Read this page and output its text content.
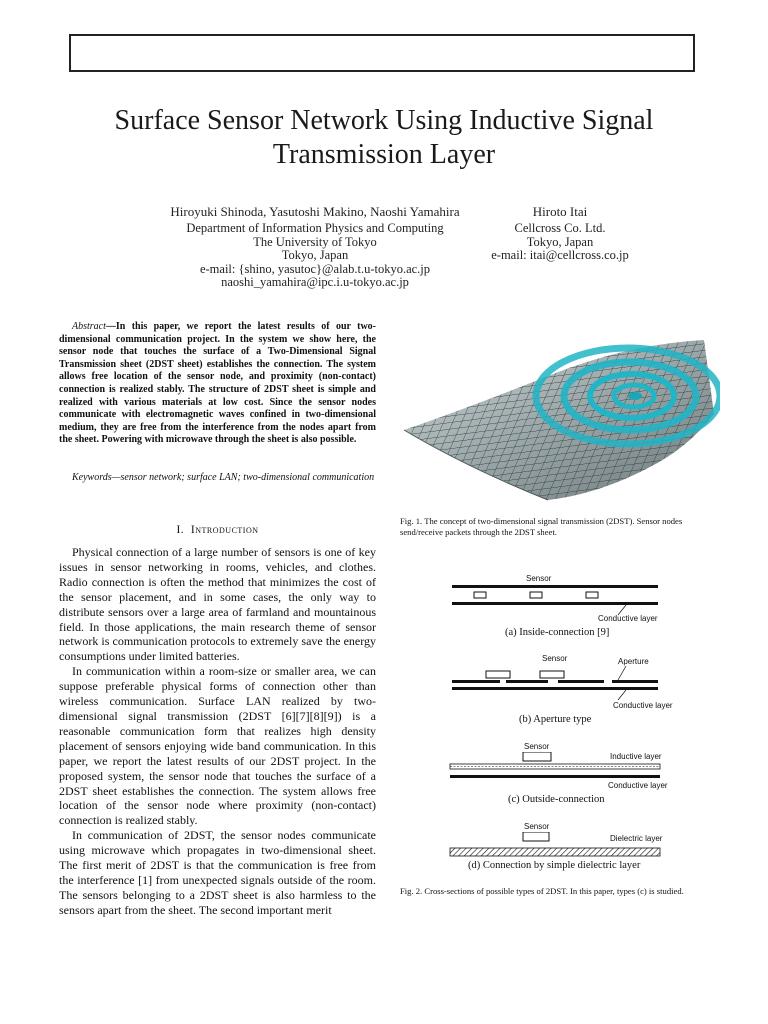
Surface Sensor Network Using Inductive Signal
Transmission Layer
Hiroyuki Shinoda, Yasutoshi Makino, Naoshi Yamahira
Department of Information Physics and Computing
The University of Tokyo
Tokyo, Japan
e-mail: {shino, yasutoc}@alab.t.u-tokyo.ac.jp
naoshi_yamahira@ipc.i.u-tokyo.ac.jp
Hiroto Itai
Cellcross Co. Ltd.
Tokyo, Japan
e-mail: itai@cellcross.co.jp
Abstract—In this paper, we report the latest results of our two-dimensional communication project. In the system we show here, the sensor node that touches the surface of a Two-Dimensional Signal Transmission sheet (2DST sheet) establishes the connection. The system allows free location of the sensor node, and proximity (non-contact) connection is realized stably. The structure of 2DST sheet is simple and realized with various materials at low cost. Since the sensor nodes communicate with electromagnetic waves confined in two-dimensional medium, they are free from the interference from the nodes apart from the sheet. Powering with microwave through the sheet is also possible.
Keywords—sensor network; surface LAN; two-dimensional communication
I. Introduction

Physical connection of a large number of sensors is one of key issues in sensor networking in rooms, vehicles, and clothes. Radio connection is often the method that minimizes the cost of the sensor placement, and in some cases, the only way to distribute sensors over a large area of farmland and mountainous field. In those applications, the main research theme of sensor network is communication protocols to extremely save the energy consumptions under limited batteries.

In communication within a room-size or smaller area, we can suppose preferable physical forms of connection other than wireless communication. Surface LAN realized by two-dimensional signal transmission (2DST [6][7][8][9]) is a reasonable communication form that realizes high density placement of sensors enjoying wide band communication. In this paper, we report the latest results of our 2DST project. In the proposed system, the sensor node that touches the surface of a 2DST sheet establishes the connection. The system allows free location of the sensor node where proximity (non-contact) connection is realized stably.

In communication of 2DST, the sensor nodes communicate using microwave which propagates in two-dimensional sheet. The first merit of 2DST is that the communication is free from the interference [1] from unexpected signals outside of the room. The sensors belonging to a 2DST sheet is also harmless to the sensors apart from the sheet. The second important merit

Fig. 1. The concept of two-dimensional signal transmission (2DST). Sensor nodes send/receive packets through the 2DST sheet.
Sensor
Conductive layer
(a) Inside-connection [9]
Sensor	Aperture
Conductive layer
(b) Aperture type
Sensor
Inductive layer
Conductive layer
(c) Outside-connection
Sensor
Dielectric layer
(d) Connection by simple dielectric layer
Fig. 2. Cross-sections of possible types of 2DST. In this paper, types (c) is studied.
